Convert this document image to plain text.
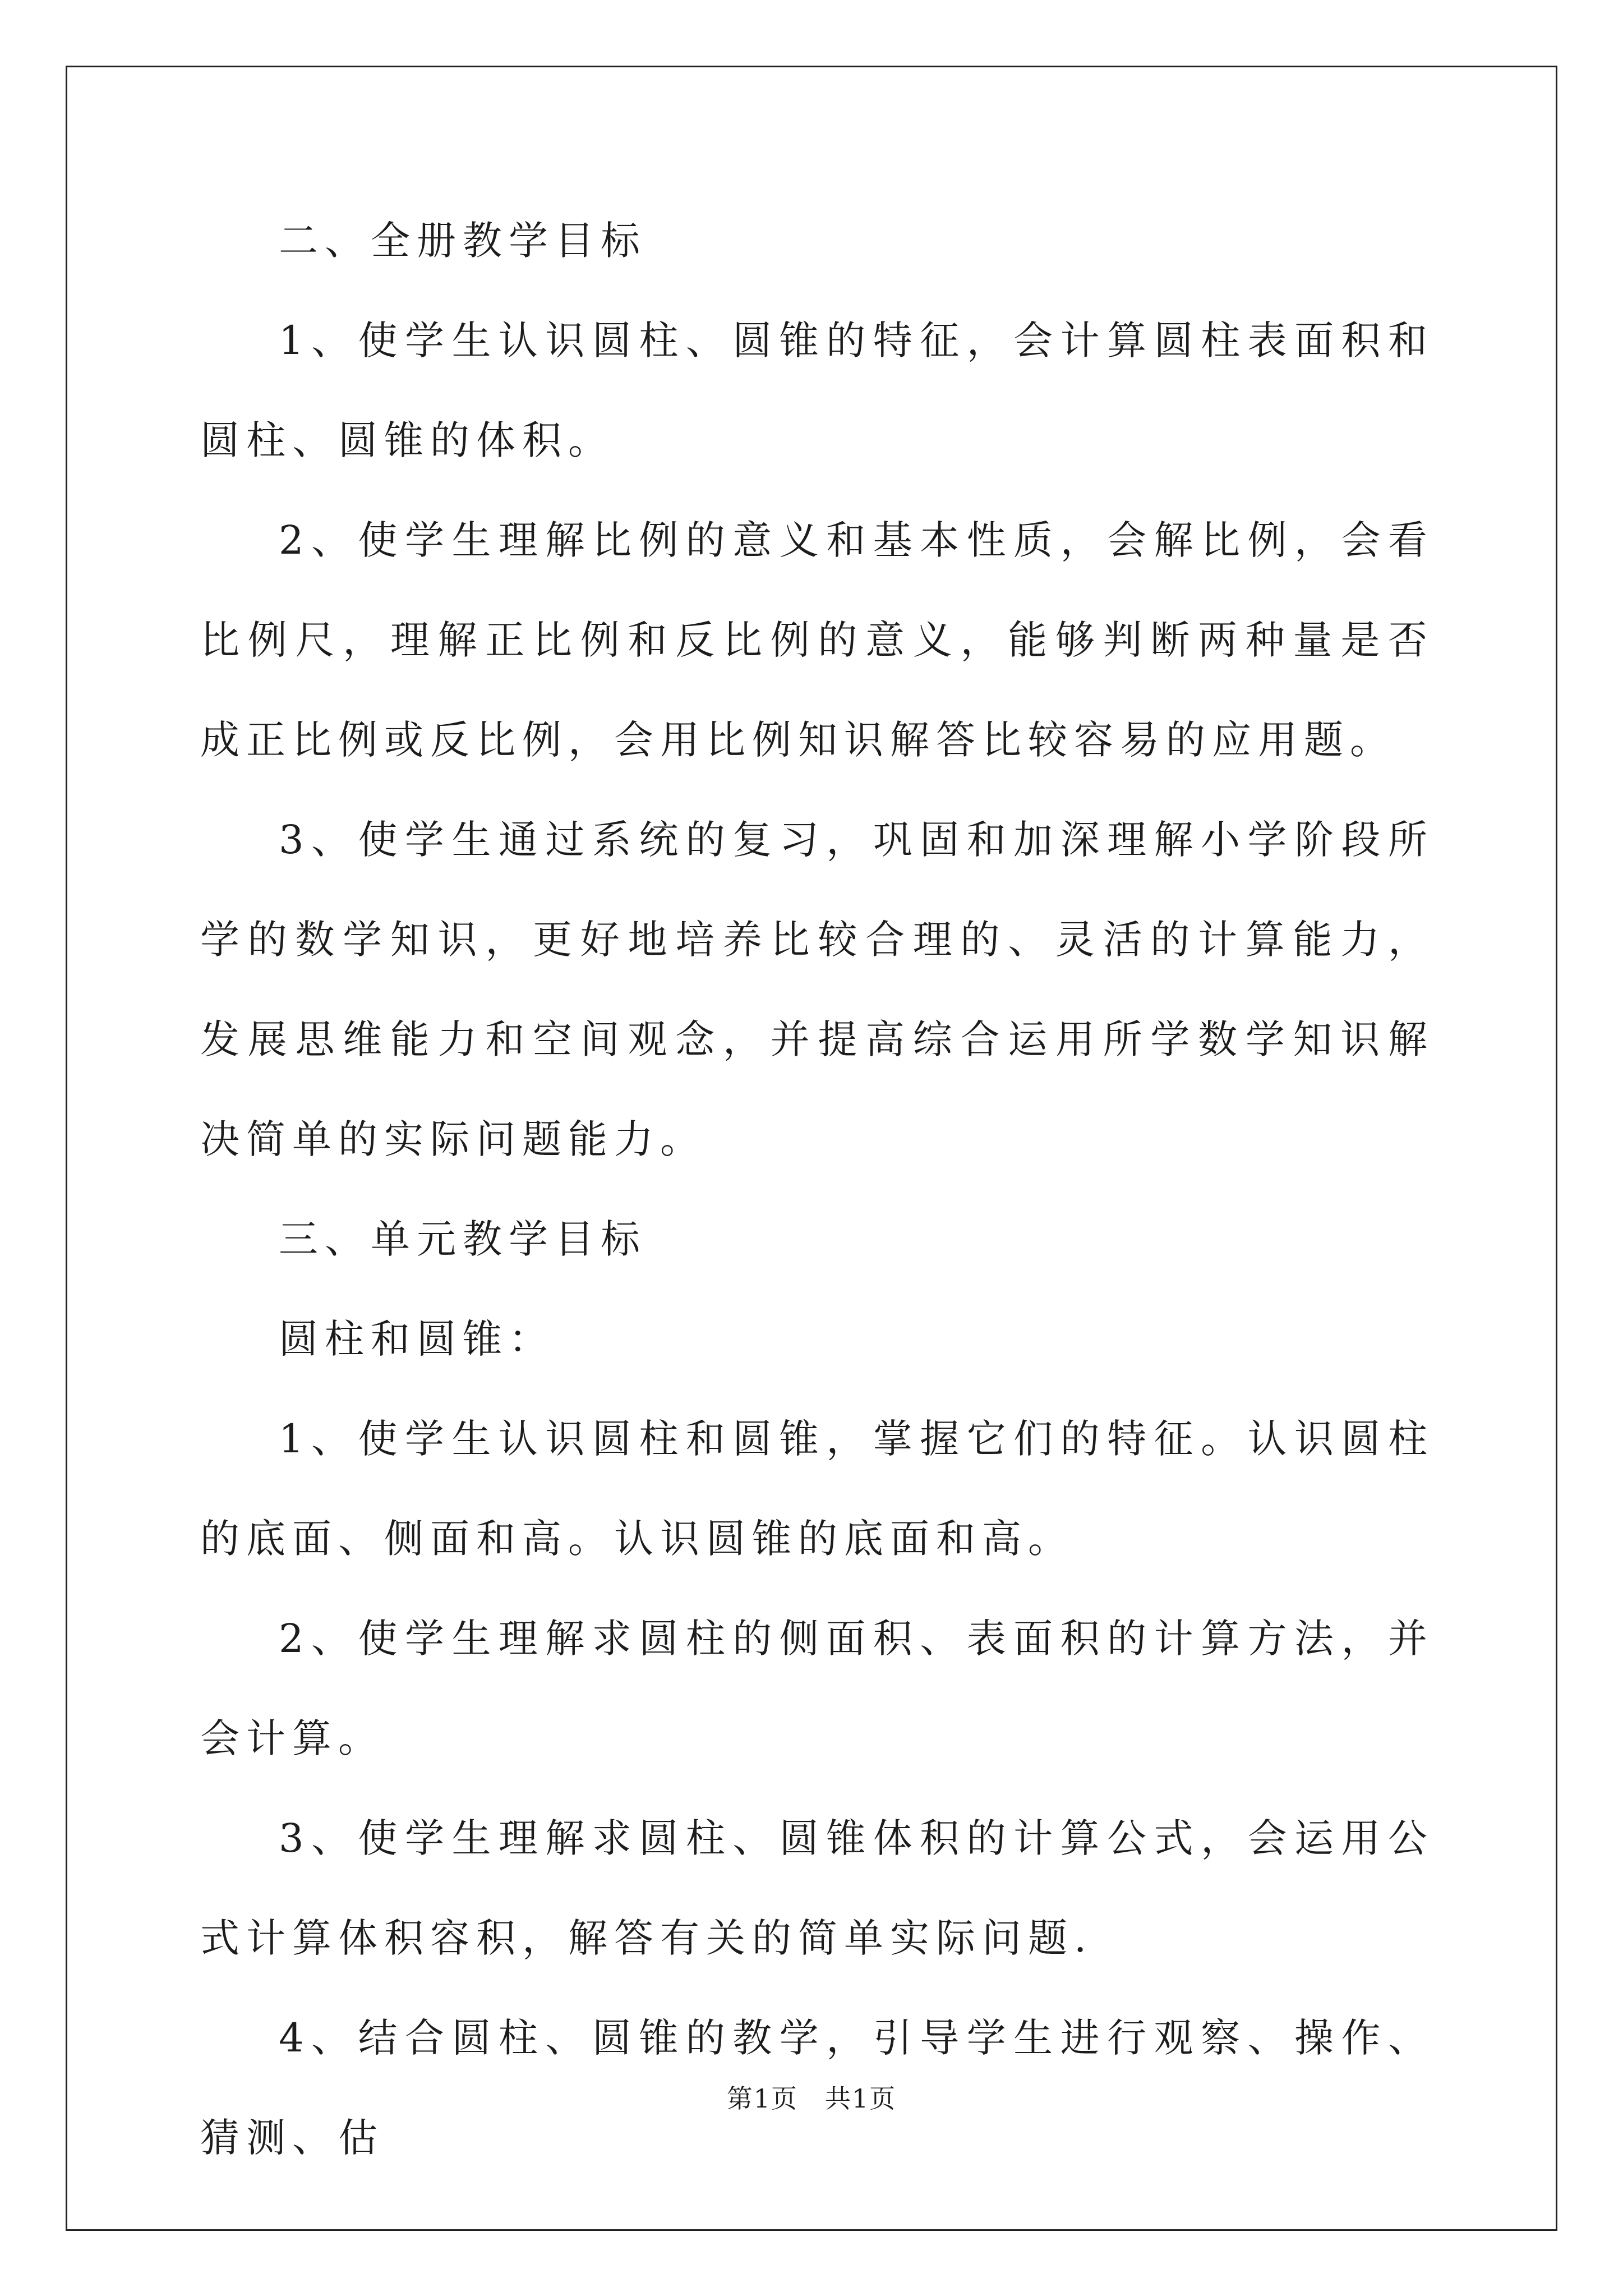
二、全册教学目标

1、使学生认识圆柱、圆锥的特征，会计算圆柱表面积和圆柱、圆锥的体积。

2、使学生理解比例的意义和基本性质，会解比例，会看比例尺，理解正比例和反比例的意义，能够判断两种量是否成正比例或反比例，会用比例知识解答比较容易的应用题。

3、使学生通过系统的复习，巩固和加深理解小学阶段所学的数学知识，更好地培养比较合理的、灵活的计算能力，发展思维能力和空间观念，并提高综合运用所学数学知识解决简单的实际问题能力。

三、单元教学目标

圆柱和圆锥：

1、使学生认识圆柱和圆锥，掌握它们的特征。认识圆柱的底面、侧面和高。认识圆锥的底面和高。

2、使学生理解求圆柱的侧面积、表面积的计算方法，并会计算。

3、使学生理解求圆柱、圆锥体积的计算公式，会运用公式计算体积容积，解答有关的简单实际问题.

4、结合圆柱、圆锥的教学，引导学生进行观察、操作、猜测、估

第1页 共1页
